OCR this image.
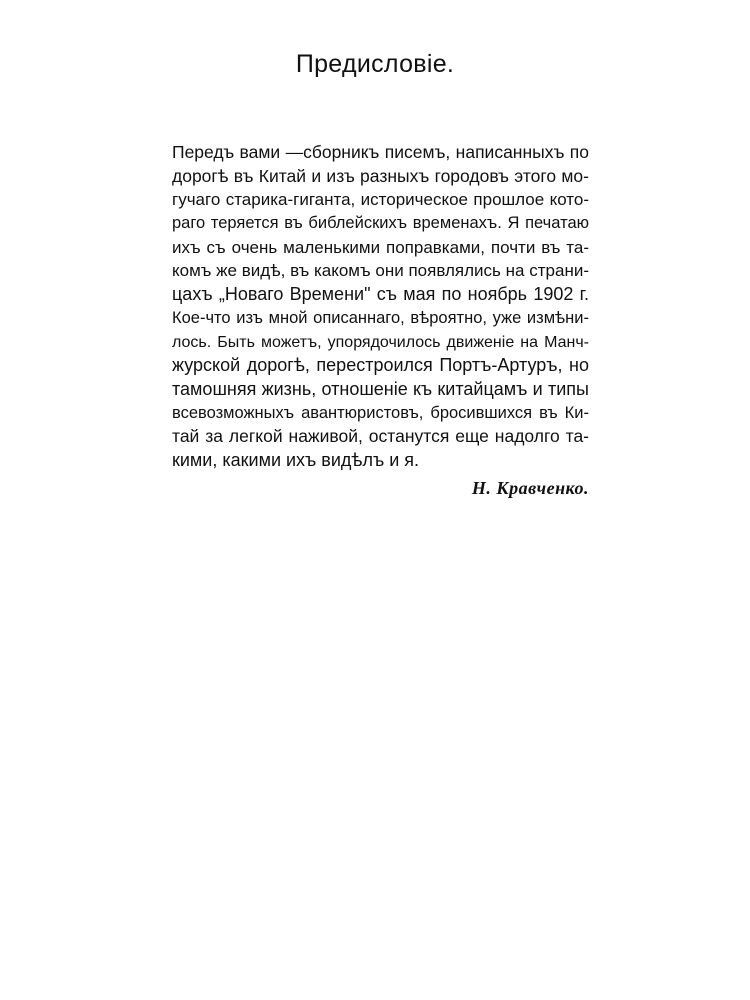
Предисловіе.
Передъ вами —сборникъ писемъ, написанныхъ по
дорогѣ въ Китай и изъ разныхъ городовъ этого мо-
гучаго старика-гиганта, историческое прошлое кото-
раго теряется въ библейскихъ временахъ. Я печатаю
ихъ съ очень маленькими поправками, почти въ та-
комъ же видѣ, въ какомъ они появлялись на страни-
цахъ „Новаго Времени" съ мая по ноябрь 1902 г.
Кое-что изъ мной описаннаго, вѣроятно, уже измѣни-
лось. Быть можетъ, упорядочилось движенiе на Манч-
журской дорогѣ, перестроился Портъ-Артуръ, но
тамошняя жизнь, отношенiе къ китайцамъ и типы
всевозможныхъ авантюристовъ, бросившихся въ Ки-
тай за легкой наживой, останутся еще надолго та-
кими, какими ихъ видѣлъ и я.
Н. Кравченко.
